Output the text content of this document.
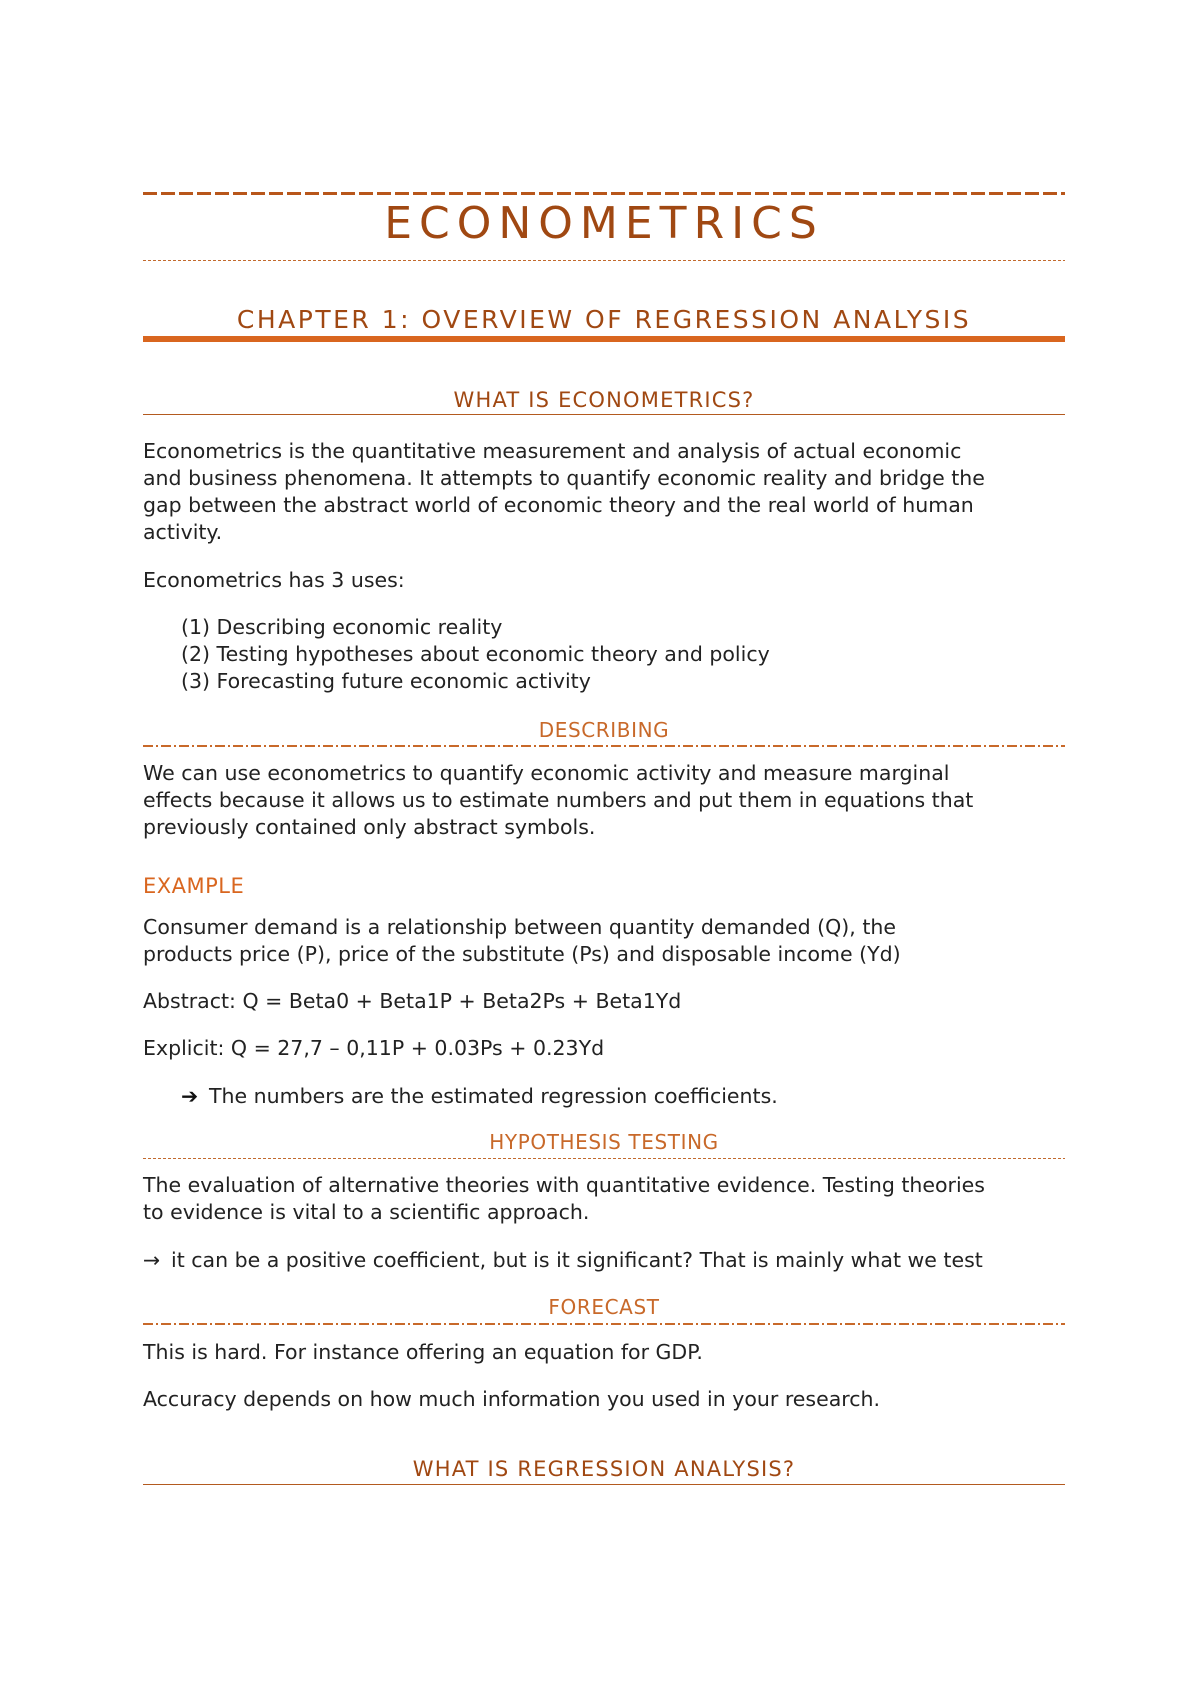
ECONOMETRICS
CHAPTER 1: OVERVIEW OF REGRESSION ANALYSIS
WHAT IS ECONOMETRICS?
Econometrics is the quantitative measurement and analysis of actual economic
and business phenomena. It attempts to quantify economic reality and bridge the
gap between the abstract world of economic theory and the real world of human
activity.
Econometrics has 3 uses:
(1) Describing economic reality
(2) Testing hypotheses about economic theory and policy
(3) Forecasting future economic activity
DESCRIBING
We can use econometrics to quantify economic activity and measure marginal
effects because it allows us to estimate numbers and put them in equations that
previously contained only abstract symbols.
EXAMPLE
Consumer demand is a relationship between quantity demanded (Q), the
products price (P), price of the substitute (Ps) and disposable income (Yd)
Abstract: Q = Beta0 + Beta1P + Beta2Ps + Beta1Yd
Explicit: Q = 27,7 – 0,11P + 0.03Ps + 0.23Yd
➔ The numbers are the estimated regression coefficients.
HYPOTHESIS TESTING
The evaluation of alternative theories with quantitative evidence. Testing theories
to evidence is vital to a scientific approach.
→ it can be a positive coefficient, but is it significant? That is mainly what we test
FORECAST
This is hard. For instance offering an equation for GDP.
Accuracy depends on how much information you used in your research.
WHAT IS REGRESSION ANALYSIS?
